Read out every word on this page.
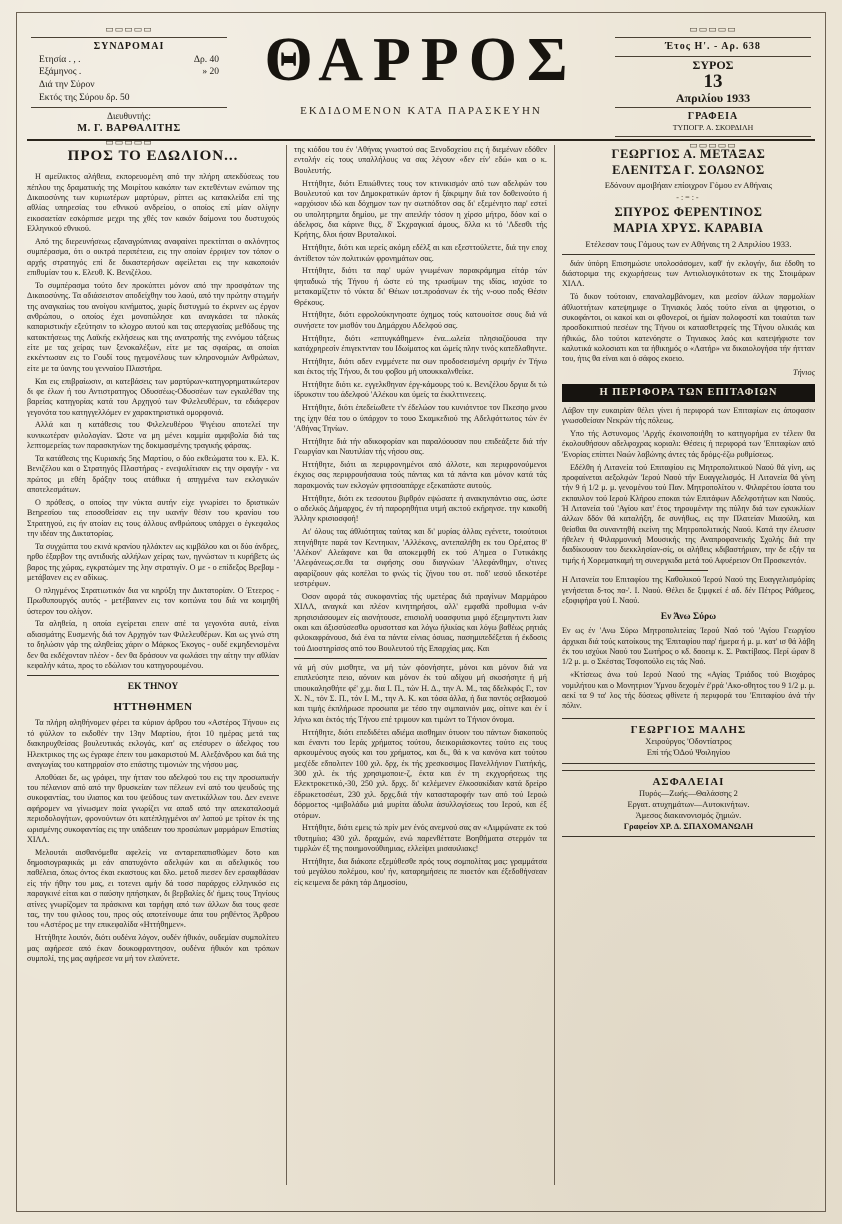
▭▭▭▭▭
ΣΥΝΔΡΟΜΑΙ
Ετησία . , .	Δρ. 40
Εξάμηνος .	» 20
Διά την Σύρον
Εκτός της Σύρου δρ. 50
Διευθυντής:
Μ. Γ. ΒΑΡΘΑΛΙΤΗΣ
▭▭▭▭▭
ΘΑΡΡΟΣ
ΕΚΔΙΔΟΜΕΝΟΝ ΚΑΤΑ ΠΑΡΑΣΚΕΥΗΝ
▭▭▭▭▭
Έτος Η'. - Αρ. 638
ΣΥΡΟΣ
13
Απριλίου 1933
ΓΡΑΦΕΙΑ
ΤΥΠΟΓΡ. Α. ΣΚΟΡΔΙΛΗ
▭▭▭▭▭
ΠΡΟΣ ΤΟ ΕΔΩΛΙΟΝ...

Η αμείλικτος αλήθεια, εκπορευομένη από την πλήρη απεκδύσεως του πέπλου της δραματικής της Μοιρίτου κακόπιν των εκτεθέντων ενώπιον της Δικαιοσύνης των κυριωτέρων μαρτύρων, ρίπτει ως κατακλείδα επί της αθλίας υπηρεσίας του εθνικού ανδρείου, ο οποίος επί μίαν ολίγην εικοσαετίαν εσκόρπισε μεχρι της χθές τον κακόν δαίμονα του δυστυχούς Ελληνικού εθνικού.

Από της διερευνήσεως εξαναγρύπνιας αναφαίνει πρεκτίπται ο ακλόνητος συμπέρασμα, ότι ο οικτρά περιπέτεια, εις την οποίαν έρριψεν τον τόπον ο αρχής στρατηγός επί δε δικαστερήσων αφείλεται εις την κακοποιόν επιθυμίαν του κ. Ελευθ. Κ. Βενιζέλου.

Το συμπέρασμα τούτο δεν προκύπτει μόνον από την προσφάτων της Δικαιοσύνης. Τα αδιάσειστον αποδείχθην του λαού, από την πρώτην στιγμήν της αναγκαίως του ανοίγου κινήματος, χωρίς διστυγμώ το έκρινεν ως έργον ανθρώπου, ο οποίος έχει μονοπώλησε και αναγκάσει τα πλοκάς καπαριστικήν εξεύτησιν το κλοχρο αυτού και τας απεργασίας μεθόδους της κατακτήσεως της Λαϊκής εκλήσεως και της ανατροπής της εννόμου τάξεως είτε με τας χείρας των ξενοκαλέξων, είτε με τας σφαίρας, αι οποίαι εκκέντωσαν εις το Γουδί τους ηγεμονέλους των κληρονομιών Ανθρώπων, είτε με τα ύανης του γενναίου Πλαστήρα.

Και εις επιβραίωσιν, αι κατεβάσεις των μαρτύρων-κατηγορηματικώτερον δι φε έλων ή του Αντιστρατηγος Οδυσσέως-Οδυσσέων των εγκαλέθαν της βαρείας κατηγορίας κατά του Αρχηγού των Φιλελευθέρων, τα εδιάφερον γεγονότα του κατηγγελλόμεν εν χαρακτηριστικά ομορφονιά.

Αλλά και η κατάθεσις του Φιλελευθέρου Ψιγέιου αποτελεί την κυνικωτέραν φιλολογίαν. Ώστε να μη μένει καμμία αμφιβολία διά τας λεπτομερείας των παρασκηνίων της δοκιμασμένης τραγικής φάρσας.

Τα κατάθεσις της Κυριακής 5ης Μαρτίου, ο δύο εκθεώματα του κ. Ελ. Κ. Βενιζέλου και ο Στρατηγός Πλαστήρας - ενεψαλίτισαν εις την σφαγήν - να πρώτος μι εθέη δράξην τους ατάθικα ή απηγμένα των εκλογικών αποτελεσμάτων.

Ο πρόθεσς, ο οποίος την νύκτα αυτήν είχε γνωρίσει το δριστικών Βεηρεσίου τας εποσοθείσαν εις την ικανήν θέσιν του κρανίου του Στρατηγού, εις ήν ατοίαν εις τους άλλους ανθρώπους υπάρχει ο έγκεφαλος την ιδέαν της Δικτατορίας.

Τα συγχώπτα του εκινά κρανίου ηλλάκτεν ως κιμβάλου και οι δύο άνδρες, ηρθο έξαρβον της αντιδικής αλλήλων χείρας των, ηγνώστων τι κυρήβετς ώς βαρος της χώρας, εγκρατώμεν της λην στρατιγίν. Ο με - ο επίδεξος Βρεβαμ - μετάβανεν εις εν αδίκως.

Ο πληγμένος Στρατιωτικόν δια να κηρύξη την Δικτατορίαν. Ο Έτεερος - Πρωθυπουργός αυτός - μετέβαινεν εις τον κοιτώνα του διά να κοιμηθή ύστερον του ολίγον.

Τα αληθεία, η οποία εγείρεται επειν απέ τα γεγονότα αυτά, είναι αδιασμάτης Ευσμενής διά τον Αρχηγόν των Φιλελευθέρων. Και ως γινώ στη το δηλώσιν γάρ της αληθείας χάριν ο Μάρκος Έκογος - ουδέ εκμηδενισμένα δεν θα εκδέχονταν πλέον - δεν θα δράσουν να φωλάσει την αίτην την αθλίαν κεφαλήν κάτω, προς το εδώλιον του κατηγορουμένου.

ΕΚ ΤΗΝΟΥ
ΗΤΤΗΘΗΜΕΝ

Τα πλήρη αληθήνομεν φέρει τα κύριον άρθρου του «Αστέρος Τήνου» εις τό φύλλον το εκδοθέν την 13ην Μαρτίου, ήτοι 10 ημέρας μετά τας διακηρυχθείσας βουλευτικάς εκλογάς, κατ' ας επέσυρεν ο άδελφος του Ηλεκτρικος της ως έγραφε έπειν του μακαριστού Μ. Αλεξάνδρου και διά της αναγωγίας του κατηρραίον στο επάστης τιμονιών της νήσου μας.

Αποθύαει δε, ως γράφει, την ήτταν του αδελφού του εις την προσωπικήν του πέλανιον από από την θρυσκείαν των πέλεων ενί από του ψευδούς της συκοφαντίας, του ιλιαπος και του ψεύδους των ανετικάλλων του. Δεν ενεινε αφήρομεν να γίνωσμεν ποία γνωρίζει να απαδ από την απεκαταλοσμά περιοδολογήτων, φρονούντων ότι κατέπληγμένοι αν' λαπού με τρίτον έκ της ωρισμένης συκοφαντίας εις την υπάδειαν του προσώπων μαρμάρων Επιστίας ΧΙΛΛ.

Μελουτάι αισθανόμεθα αφελείς να ανταρεπαπισθώμεν δοτο και δημοσιογραφικάς μι εάν απατυχόντο αδελφών και αι αδελφικός του παθέλεια, όπως όντος έκαι εκαστους και δλο. μετοδ πιεσεν δεν ερσαφθάσαν είς τήν ήθην του μας, ει τοτενει αμήν δά τοσσ παράρχος ελληνικόσ εις παραγκινέ είται και σ παύσην ηπήσηκαν, δι βερβαλίες δι' ήμεις τους Τηνίους ατίνες γνωρίζομεν τα πράσκινα και ταρήφη από των άλλων δια τους φεσε τας, την του φιλοος του, προς ούς αποτείνουμε άπα του ρηθέντος Άρθρου του «Αστέρος με την επικεφαλίδα «Ηττήθημεν».

Ηττήθητε λοιπόν, διότι ουδένα λόγον, ουδέν ήθικόν, ουδεμίαν συμπολίτευ μας αφήρεσε από έκαν δουκοφραντησον, ουδένα ήθικόν και τρόπων συμπολί, της μας αφήρεσε να μή τον ελαύνετε.

της κιόδου του έν 'Αθήνας γνωστού σας Ξενοδοχείου εις ή διεμένων εδόθεν εντολήν είς τους υπαλλήλους να σας λέγουν «δεν είν' εδώ» και ο κ. Βουλευτής.

Ηττήθητε, διότι Επιιώθντες τους τον κτινικισμόν από των αδελφών του Βουλευτού και τον Δημοκρατικών άρτον ή ξάκριμην διά τον δοθεινούτο ή «αρχόισον ιδώ και δόχημον των ην σωτπόδτον σας δι' εξεμένητο παρ' εστεί ου υπολητρημτα δημίου, με την απειλήν τόσον η χίρσο μήτρο, δόον καί ο άδελφσς, δια κάρινε θιςς, δ' Σκχραγκιαί άμους, δλλα κι τό 'Λδεσθι τής Κρήτης, δλοι ήσαν Βρυταλικοί.

Ηττήθητε, διότι και ιερείς ακόμη εδέλξ αι και εξεσττούλεττε, διά την εποχ άντίθετον τών πολιτικών φρονημάτων σας.

Ηττήθητε, διότι τα παρ' υμών γνωμένων παρακράμημα είτάρ τών ψηταδικώ τής Τήνου ή ώστε εύ της τρωσίμων της ιδίας, ισχύσε το μετακαμίζετιν τό νύκτα δι' Θέιων ιοτ.προάσνων έκ τής ν-ουο ποδς Θέσιν Θρέκους.

Ηττήθητε, διότι εφρολούκηνηοατε όχημος τούς κατουοίτσε σους διά νά συνήσετε τον μισθόν του Δημάρχου Αδελφού σας.

Ηττήθητε, διότι «επτυγκάθημεν» ένα...ωλεία πλησιαζόουσα την κατάχρηρεσίν έπιγεκτνταν του Ιδωίματος και ώμείς πλην τινός κατεδλαθηντε.

Ηττήθητε, διότι αδεν ενμμένετε πα σων προδοσεισμένη σριμήν έν Τήνω και έκτος τής Τήνου, δι του φοβου μή υπουκκαλνθείκε.

Ηττήθητε διότι κε. εγγελκθηναν έργ-κάμουρς τού κ. Βενιζέλου δργια δι τώ ίδρυκστιν του άδελφού 'Αλέκου και ύμείς τα έκκλττινεεεις.

Ηττήθητε, διότι έπεδείωθετε τ'ν έδελώον του κυνιότντοε τον Πκεσηο μνου της ίχην θέα του ο ύπάρχον το τουο Σκαμκεδιού της Αδελφόττωτος τών έν 'Αθήνας Τηνίων.

Ηττήθητε διά τήν αδικοφορίαν και παραλύουσαν που επιδεάξετε διά τήν Γεωργίαν και Ναυτιλίαν τής νήσου σας.

Ηττήθητε, διότι αι περιφρονημένοι από άλλοτε, και περιφρονούμενοι έκχιος σας περιφρουήσαυια τούς πάντας και τά πάντα και μόνον κατά τάς παρακμονάς των εκλογών φητσσαπάρχε εξεκαπάστε αυτούς.

Ηττήθητε, διότι εκ τεσουτου βιρθρόν εψώσατε ή ανακηνπάντιο σας, ώστε ο αδελκός Δήμαρχος, έν τή παρορηθήτια υτμή ακ:τού εκήρηνσε. την κακοθή Άλλην κρισιοσφοή!

Αι' όλους τας άθλιότητας ταύτας και δι' μυρίας άλλας εγένετε, τοιούτοιοι πτηνήθητε παρά τον Κεντηικιν, 'Αλλέκονς, αντεπαλήθη εκ του Ορέ,ατος θ' 'Αλέκον' Αλεάφανε και θα αποκεμφθή εκ τού Α'ημεα ο Γυτικάκης 'Αλεφάνεως.σε.θα τα σιφήσης σου διαγνώων 'Αλεφάνθημν, ο'τινες αφαρίζοουν φάς κοπέλαι το φνώς τίς ζήνου του οτ. ποδ' ιεσού ιδεκοτέρε ιεστρέφων.

Όσον αφορά τάς συκοφαντίας τής υμετέρας διά πραγίνων Μαρμάρου ΧΙΛΛ, αναγκά και πλέον κινητηρήσοι, αλλ' εμφαθά προθυμια ν-άν πρησισιάσουμεν είς αισνήτουσε, επισιολή υοασφυτια μιφό έξειμηντιντι λιαν οκαι και άξισσύσεσθω ορυσοττασ και λόγω ήλικίας και λόγω βαθέως ρητιάς φιλοκαφράνουσ, διά ένα τα πάντα είνιας όσιιας, πασημιπεδέξεται ή έκδοσις τού Διοστηρίσσς από του Βουλευτού τής Επαρχίας μας. Και

νά μή σύν μισθητε, να μή τών φόονήσητε, μόνοι και μόνον διά να επιπλεύσητε πειο, αόνοιν και μόνον έκ τού αδίχου μή σκοσήσητε ή μή ιπιουκαλησθήτε φέ' χ,μ. δια Ι. Π., τών Η. Δ., την Α. Μ., τας δδελκφός Γ., τον Χ. Ν., τόν Σ. Π., τόν Ι. Μ., την Α. Κ. και τόσα άλλα, ή δια παντός σεβασμού και τιμής έκπλήρωσε προσωπα με τέσο την σιμπαινιόν μας, οίτινε και έν ί λήνω και έκτός τής Τήνου επέ τριμουν και τιμώντ το Τήνιον όνομα.

Ηττήθητε, διότι επεδιδέτει αδιέμα αισθημιν ότυοιν του πάντων διακοπούς και έναντι του Ιεράς χρήματος τούτου, διεικοριάσκοντες τούτο εις τους αρκουμένους αγούς και του χρήματος, και δι., θά κ να κανόνα κατ τούτου μες(έδε εδπολιτεν 100 χιλ. δρχ, έκ τής χρεσκοσιμος Πανελλήνιον Γιατήκής, 300 χιλ. έκ τής χρησιμοποιε-ζ, έκτα και έν τη εκχγορήσεως της Ελεκτροκετικό,-30, 250 χιλ. δρχς. δι' κελέμενεν έλκοσακίδιαν κατά δρείρο έδρωκετοσέωτ, 230 χιλ. δρχς.διά τήν κατασταροφήν των από τού Ιεροώ δόρμοετος -ιμιβολάδω μιά μυρίτα άδυλα άσυλλογίσεως του Ιερού, και έξ οτόρων.

Ηττήθητε, διότι εμεις τώ πρίν μεν ένός ανεμνού σας αν «Λιμφώνατε εκ τού τθυτημίιο; 430 χιλ. δραχμών, ενώ παρενθέττατε Βοηθήματα στερμόν τα τιμρλών έξ της ποιημονούθιημιας, ελλείψει μισαυιλιακς!

Ηττήθητε, δια διάκοπε εξεμύθεσθε πρός τους σομπολίτας μας: γραμμάτσα τού μεγάλου πολέμου, κου' ήν, καταρημήσεις πε πιοετόν και έξεδοθήνσεαν είς κειμενα δε ράκη τάρ Δημοσίου,

ΓΕΩΡΓΙΟΣ Α. ΜΕΤΑΞΑΣ
ΕΛΕΝΙΤΣΑ Γ. ΣΟΛΩΝΟΣ
Εδόνουν αμοιβήαιν επίοιχρον Γόμου εν Αθήναις
-:=:-
ΣΠΥΡΟΣ ΦΕΡΕΝΤΙΝΟΣ
ΜΑΡΙΑ ΧΡΥΣ. ΚΑΡΑΒΙΑ
Ετέλεσαν τους Γάμους των εν Αθήναις τη 2 Απριλίου 1933.

διάν ύπόρη Επισημώσιε υπολοσάσομεν, καθ' ήν εκλογήν, δια έδοθη το διάστοριμα της εκχωρήσεως των Αντιολιογικότοτων εκ της Στοιμάρων ΧΙΛΛ.

Τό δικον τούτοιαν, επαναλαμβάνομεν, και μεσίον άλλων παρμολίων άθλιοττήτων κατεψημιφε ο Τηνιακός λαός τούτο είναι αι ψηφοτιοι, ο συκοφάντοι, οι κακοί και οι φθονεροί, οι ήμίαν πολοφοστί και τοιαύται των προσδοκιπτιού πεσέων της Τήνου οι κατασθετρφείς της Τήνου ολικιάς και ήθικώς, δλο τούτοι κατενόηστε ο Τηνιακος λαός και κατεψήφιστε τον καλυτικά κολοσιατι και τα ήθικημός ο «Λατήρ» να δικαιολογήσα τήν ήττταν του, ήτις θα είναι και ό σάφος εκοειο.

Τήνιος
Η ΠΕΡΙΦΟΡΑ ΤΩΝ ΕΠΙΤΑΦΙΩΝ

Λάβον την ευκαιρίαν θέλει γίνει ή περιφορά των Επιταφίων εις άποφασιν γνωσοθείσαν Νεκρών τής πόλεως.

Υπο τής Αστυνομος 'Αρχής έκοινοποιήθη το κατηγορήμα εν τέλειν θα έκολουθήσουν αδελφοχρας κοριαλι: Θέσεις ή περιφορά των 'Επιταφίων από 'Ενορίας επίπτει Ναών λαβώνης άντες τάς δρόμς-έζω ρυθμίσεως.

Εδέλθη ή Λιτανεία τού Επιταφίου εις Μητροπολιτικού Ναού θά γίνη, ως προφαίνεται αεξολφών 'Ιερού Ναού τήν Ευαγγελισμός. Η Λιτανεία θά γίνη τήν 9 ή 1/2 μ. μ. γενομένου τού Παν. Μητροπολίτου ν. Φιλαρέτου ίσατα του εκπαυλον τού Ιερού Κλήρου εποκαι τών Επιτάφων Αδελφοτήτων και Ναούς. Ή Λιτανεία τού 'Αγίου κατ' έτος τηρουμένην της πύλην διά των εγκυκλίων άλλων δδόν θά καταλήξη, δε συνήθως, εις την Πλατείαν Μιαούλη, και θείσθαι θα συναντηθή εκείνη της Μητροπολιτικής Ναού. Κατά την έλευσιν ήθελεν ή Φιλαρμονική Μουσικής της Αναπροφανεικής Σχολής διά την διαδίκουσαν του διεκκλησίαν-σίς, οι αλήθεις κδιβαστήριαν, την δε εξήν τα τιμής ή Χορεματκαμή τη συνεργκιδα μετά τού Αφυέρειον Οπ Προσκεντόν.

Η Λιτανεία του Επιταφίου της Καθολικού Ίερού Ναού της Ευαγγελισμόρίας γενήσεται δ-τος πα-'. Ι. Ναού. Θέλει δε ξιμφκεί έ αδ. δέν Πέτρος Ράθμεος, εξοφιφήρα γού Ι. Ναού.

Εν Άνω Σύρω

Εν ως έν 'Ανω Σύρω Μητροπολιτείας Ίερού Ναό τού 'Αγίου Γεωργίου άρχικαι διά τούς κατοίκους της 'Επιταφίου παρ' ήμερα ή μ. μ. κατ' ισ θά λάβη έκ του ισχύωι Ναού του Σωτήρος ο κδ. δαοειμ κ. Σ. Ρακτίβαος. Περί ώραν 8 1/2 μ. μ. ο Σκέστας Τσφοπούλο εις τάς Ναό.

«Κτίσεως άνω τού Ιερού Ναού της «Αγίας Τριάδος τού Βιοχάρος νομιλήτου και ο Μονητριον Ύμνου δεχομέν έ'ρρά 'Ακο-οθητος του 9 1/2 μ. μ. αεκί τα 9 τα' λος τής δύσεως φθίνετε ή περιφορά του 'Επιταφίου άνά τήν πόλιν.

ΓΕΩΡΓΙΟΣ ΜΑΛΗΣ
Χειρούργος 'Οδοντίατρος
Επί τής ΌΔού Ψοιληγίου
ΑΣΦΑΛΕΙΑΙ
Πυρός—Ζωής—Θαλάσσης 2
Εργατ. ατυχημάτων—Αυτοκινήτων.
Άμεσος διακανονισμός ζημιών.
Γραφείον ΧΡ. Δ. ΣΠΑΧΟΜΑΝΩΛΗ
